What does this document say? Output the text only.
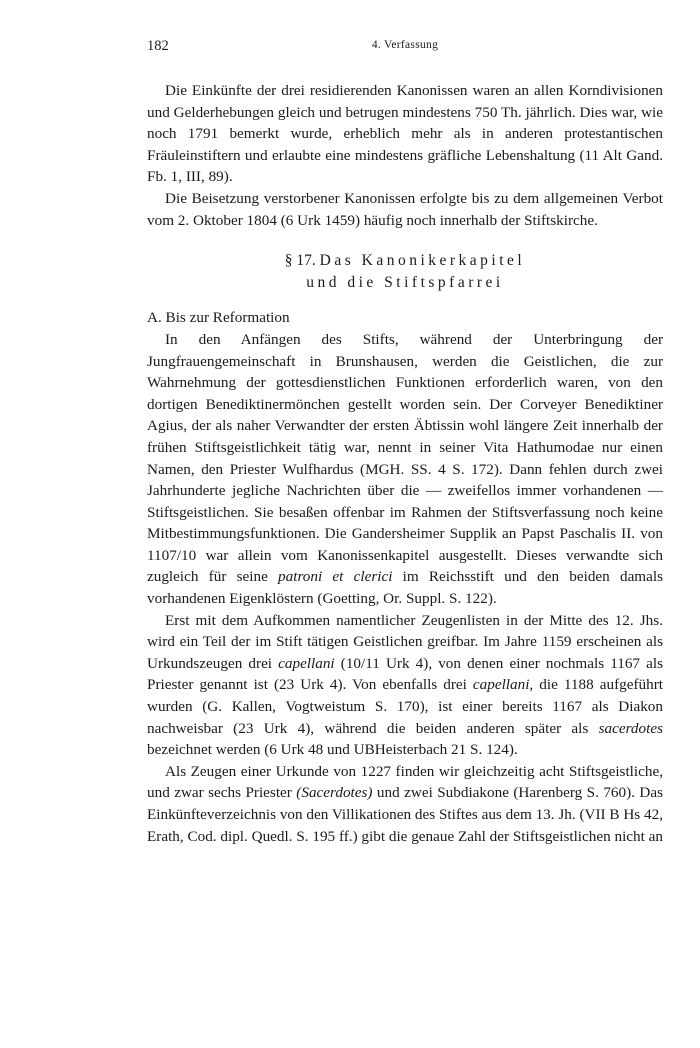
182	4. Verfassung

Die Einkünfte der drei residierenden Kanonissen waren an allen Korndivisionen und Gelderhebungen gleich und betrugen mindestens 750 Th. jährlich. Dies war, wie noch 1791 bemerkt wurde, erheblich mehr als in anderen protestantischen Fräuleinstiftern und erlaubte eine mindestens gräfliche Lebenshaltung (11 Alt Gand. Fb. 1, III, 89).

Die Beisetzung verstorbener Kanonissen erfolgte bis zu dem allgemeinen Verbot vom 2. Oktober 1804 (6 Urk 1459) häufig noch innerhalb der Stiftskirche.

§ 17. Das Kanonikerkapitel
und die Stiftspfarrei
A. Bis zur Reformation

In den Anfängen des Stifts, während der Unterbringung der Jungfrauengemeinschaft in Brunshausen, werden die Geistlichen, die zur Wahrnehmung der gottesdienstlichen Funktionen erforderlich waren, von den dortigen Benediktinermönchen gestellt worden sein. Der Corveyer Benediktiner Agius, der als naher Verwandter der ersten Äbtissin wohl längere Zeit innerhalb der frühen Stiftsgeistlichkeit tätig war, nennt in seiner Vita Hathumodae nur einen Namen, den Priester Wulfhardus (MGH. SS. 4 S. 172). Dann fehlen durch zwei Jahrhunderte jegliche Nachrichten über die — zweifellos immer vorhandenen — Stiftsgeistlichen. Sie besaßen offenbar im Rahmen der Stiftsverfassung noch keine Mitbestimmungsfunktionen. Die Gandersheimer Supplik an Papst Paschalis II. von 1107/10 war allein vom Kanonissenkapitel ausgestellt. Dieses verwandte sich zugleich für seine patroni et clerici im Reichsstift und den beiden damals vorhandenen Eigenklöstern (Goetting, Or. Suppl. S. 122).

Erst mit dem Aufkommen namentlicher Zeugenlisten in der Mitte des 12. Jhs. wird ein Teil der im Stift tätigen Geistlichen greifbar. Im Jahre 1159 erscheinen als Urkundszeugen drei capellani (10/11 Urk 4), von denen einer nochmals 1167 als Priester genannt ist (23 Urk 4). Von ebenfalls drei capellani, die 1188 aufgeführt wurden (G. Kallen, Vogtweistum S. 170), ist einer bereits 1167 als Diakon nachweisbar (23 Urk 4), während die beiden anderen später als sacerdotes bezeichnet werden (6 Urk 48 und UBHeisterbach 21 S. 124).

Als Zeugen einer Urkunde von 1227 finden wir gleichzeitig acht Stiftsgeistliche, und zwar sechs Priester (Sacerdotes) und zwei Subdiakone (Harenberg S. 760). Das Einkünfteverzeichnis von den Villikationen des Stiftes aus dem 13. Jh. (VII B Hs 42, Erath, Cod. dipl. Quedl. S. 195 ff.) gibt die genaue Zahl der Stiftsgeistlichen nicht an
